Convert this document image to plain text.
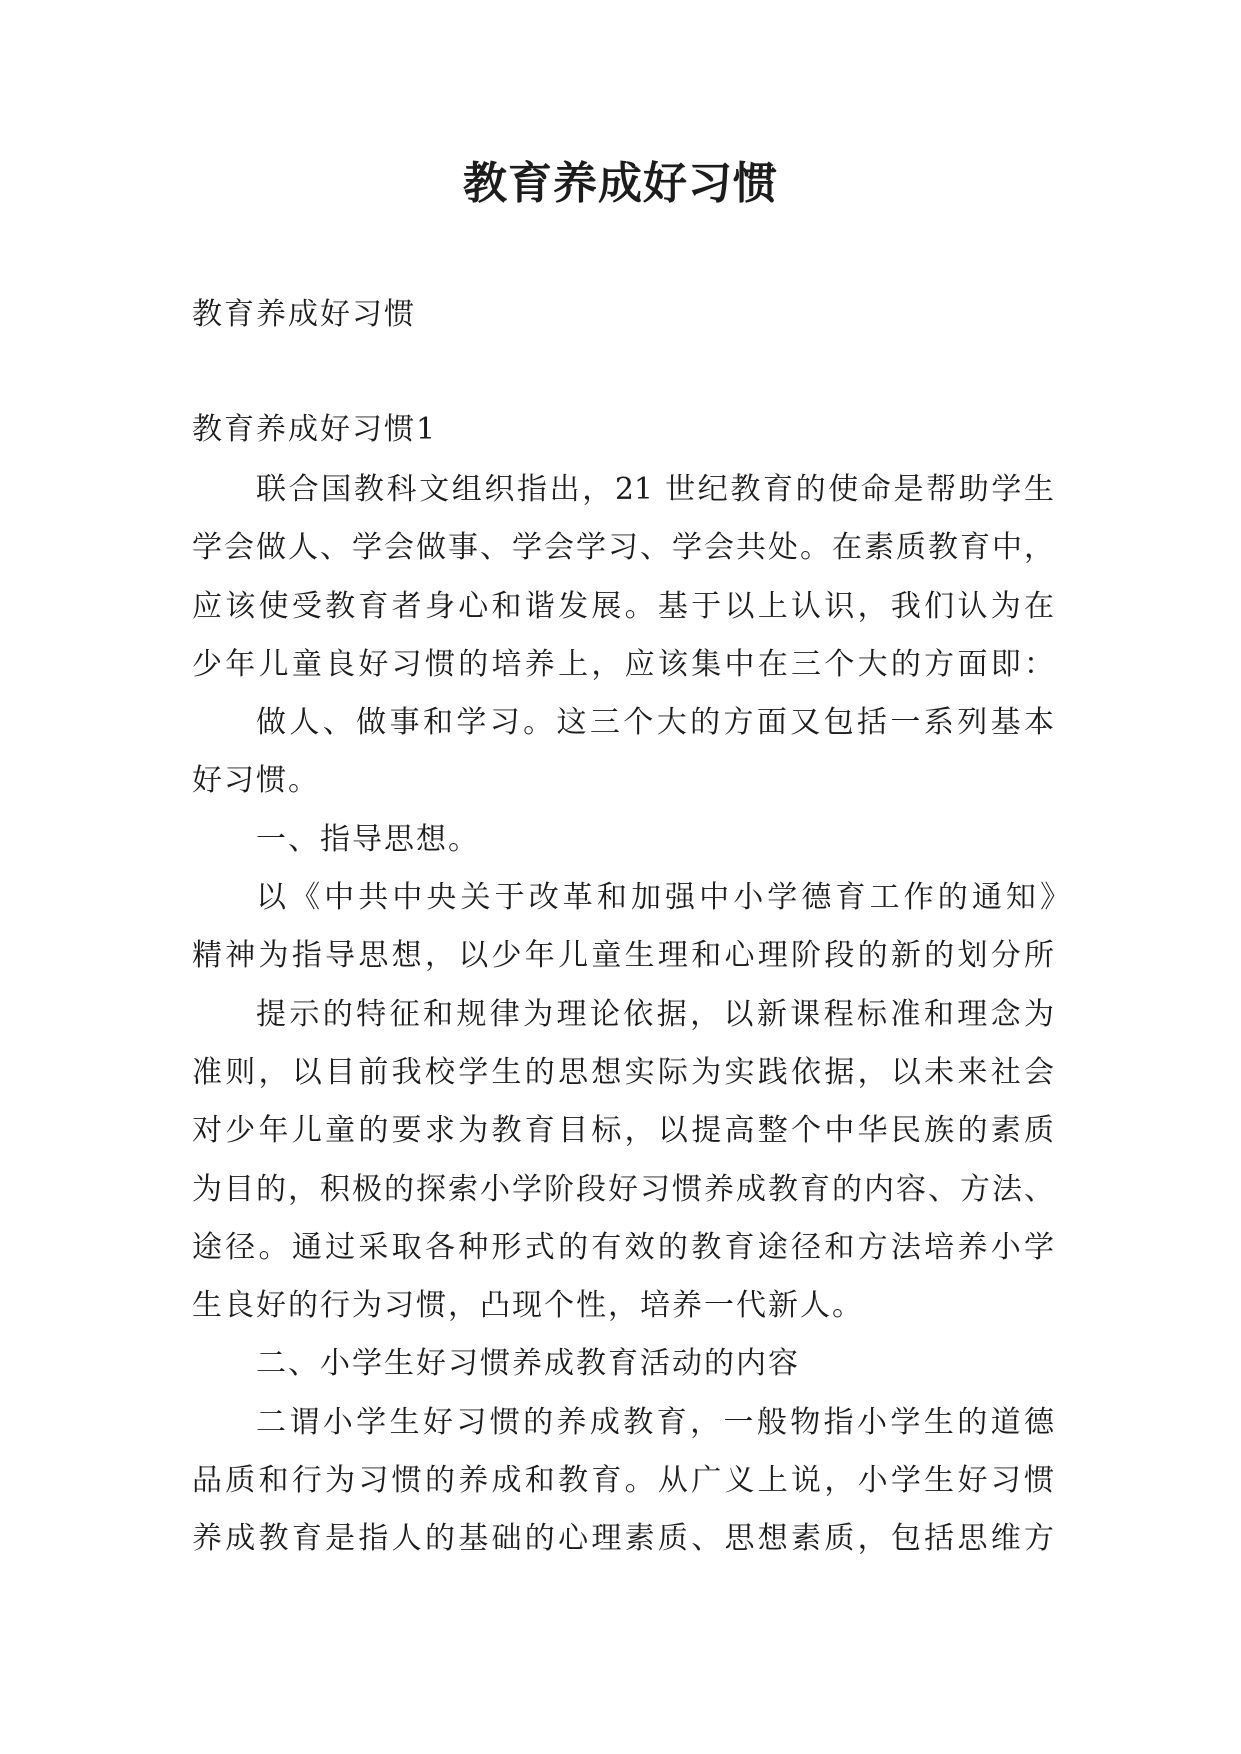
教育养成好习惯
教育养成好习惯
教育养成好习惯1
联合国教科文组织指出，21 世纪教育的使命是帮助学生
学会做人、学会做事、学会学习、学会共处。在素质教育中，
应该使受教育者身心和谐发展。基于以上认识，我们认为在
少年儿童良好习惯的培养上，应该集中在三个大的方面即：
做人、做事和学习。这三个大的方面又包括一系列基本
好习惯。
一、指导思想。
以《中共中央关于改革和加强中小学德育工作的通知》
精神为指导思想，以少年儿童生理和心理阶段的新的划分所
提示的特征和规律为理论依据，以新课程标准和理念为
准则，以目前我校学生的思想实际为实践依据，以未来社会
对少年儿童的要求为教育目标，以提高整个中华民族的素质
为目的，积极的探索小学阶段好习惯养成教育的内容、方法、
途径。通过采取各种形式的有效的教育途径和方法培养小学
生良好的行为习惯，凸现个性，培养一代新人。
二、小学生好习惯养成教育活动的内容
二谓小学生好习惯的养成教育，一般物指小学生的道德
品质和行为习惯的养成和教育。从广义上说，小学生好习惯
养成教育是指人的基础的心理素质、思想素质，包括思维方
